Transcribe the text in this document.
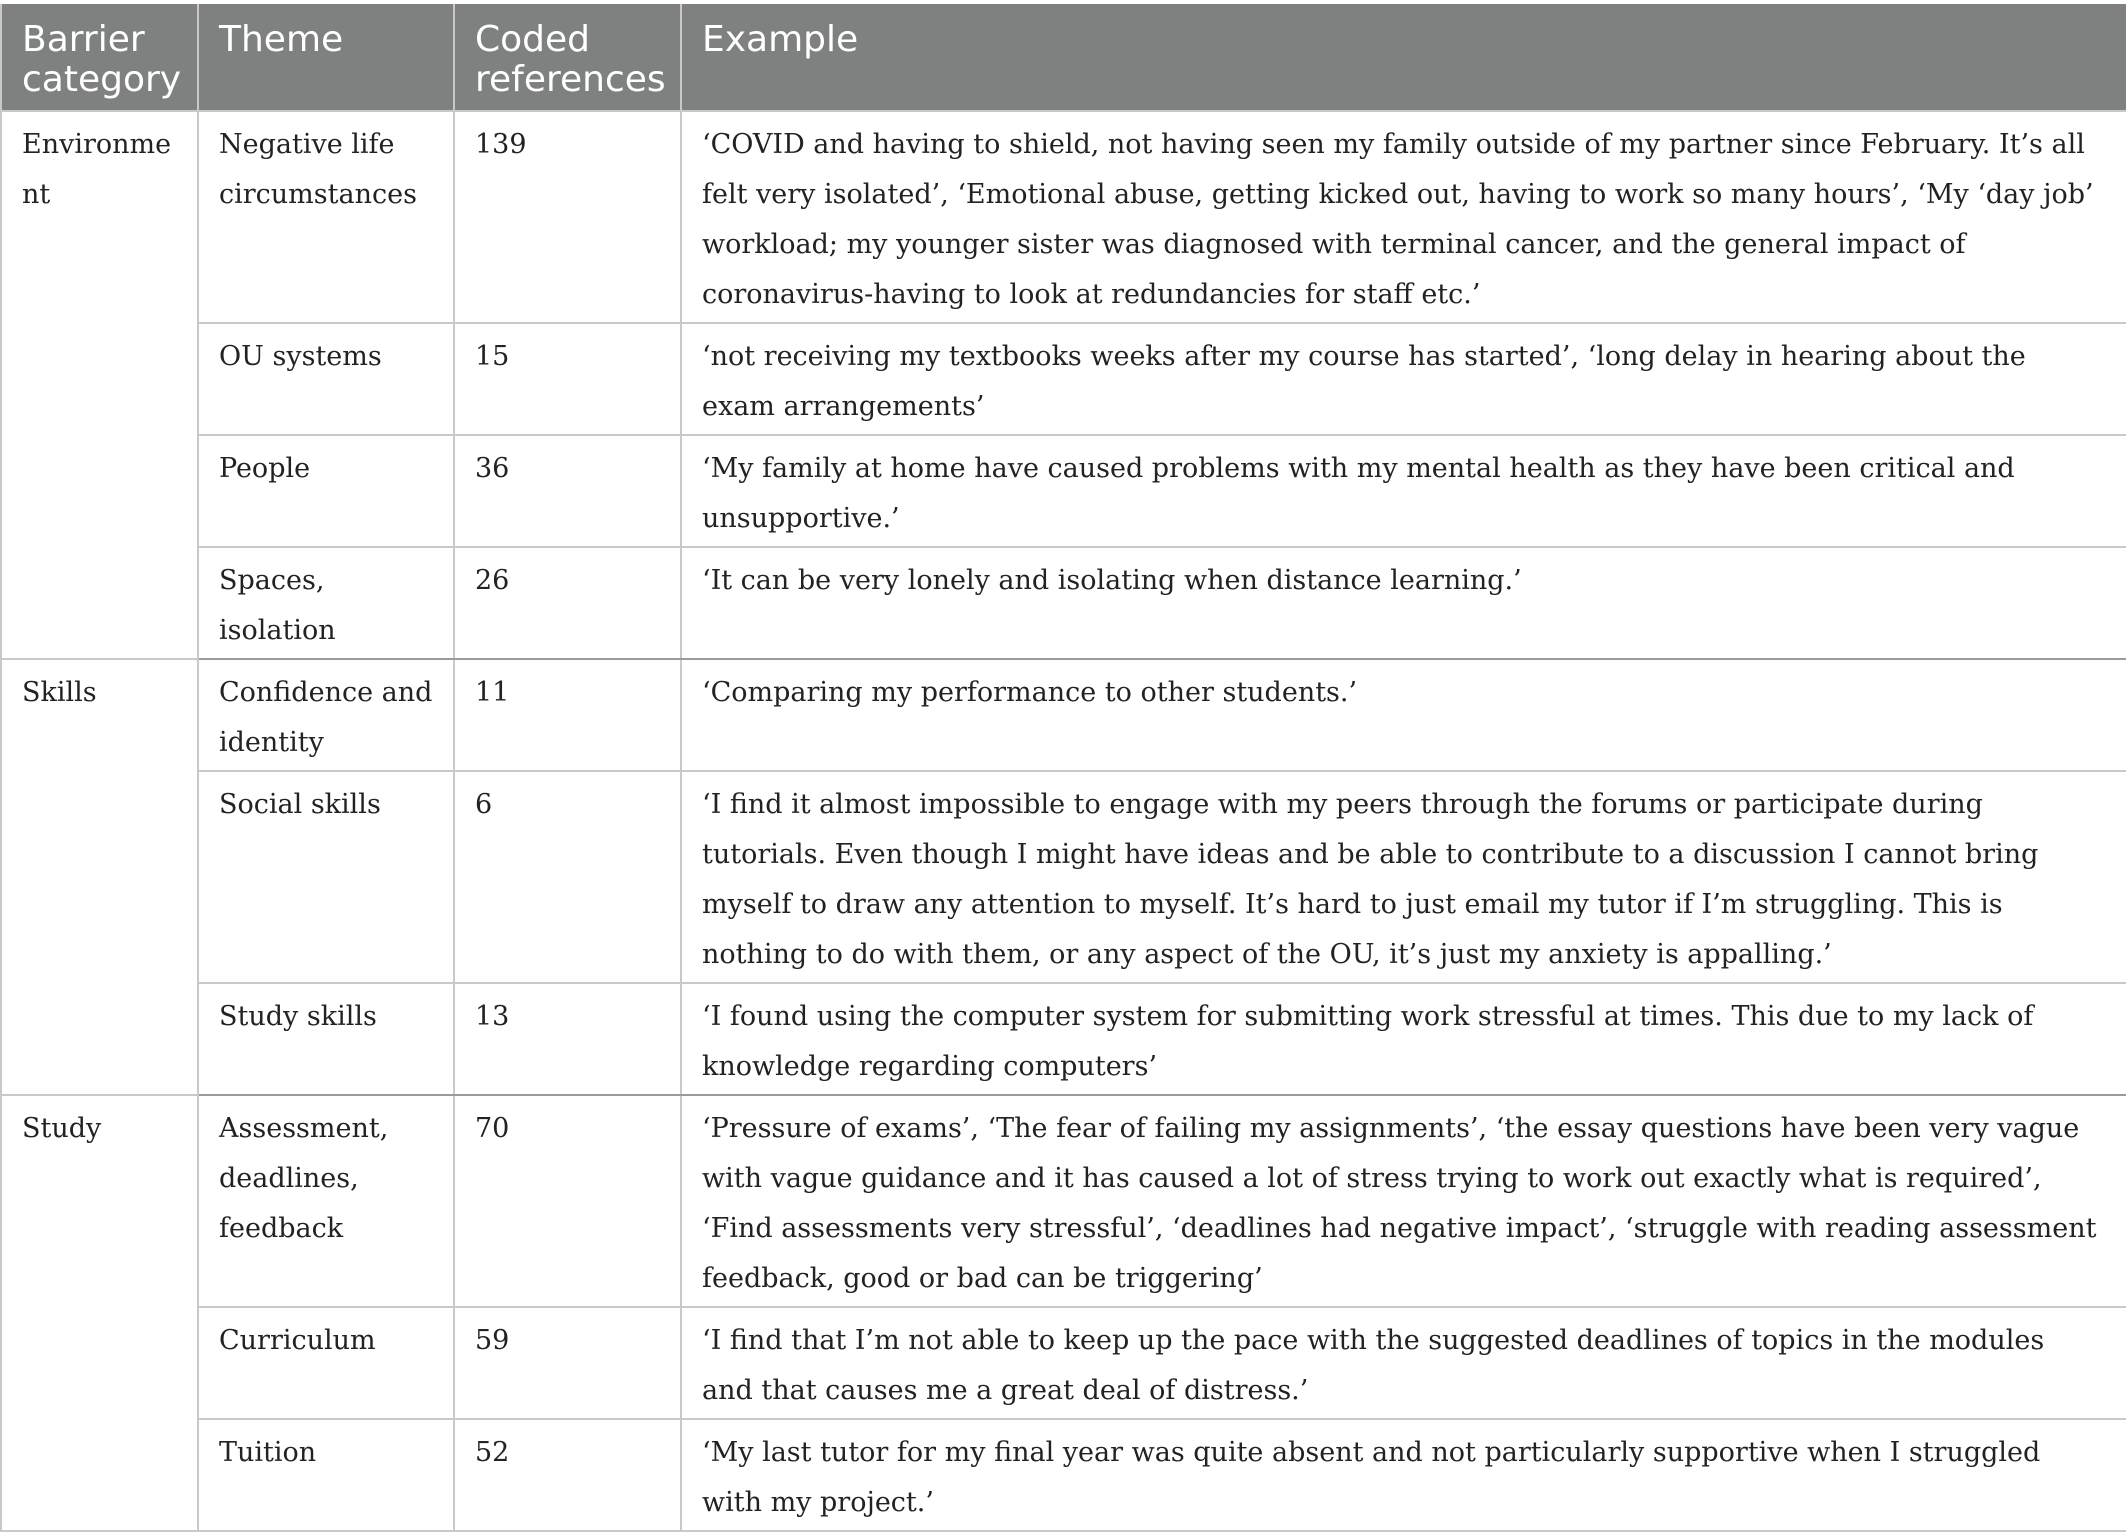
Barrier category	Theme	Coded references	Example
Environment	Negative life circumstances	139	‘COVID and having to shield, not having seen my family outside of my partner since February. It’s all felt very isolated’, ‘Emotional abuse, getting kicked out, having to work so many hours’, ‘My ‘day job’ workload; my younger sister was diagnosed with terminal cancer, and the general impact of coronavirus-having to look at redundancies for staff etc.’
	OU systems	15	‘not receiving my textbooks weeks after my course has started’, ‘long delay in hearing about the exam arrangements’
	People	36	‘My family at home have caused problems with my mental health as they have been critical and unsupportive.’
	Spaces, isolation	26	‘It can be very lonely and isolating when distance learning.’
Skills	Confidence and identity	11	‘Comparing my performance to other students.’
	Social skills	6	‘I find it almost impossible to engage with my peers through the forums or participate during tutorials. Even though I might have ideas and be able to contribute to a discussion I cannot bring myself to draw any attention to myself. It’s hard to just email my tutor if I’m struggling. This is nothing to do with them, or any aspect of the OU, it’s just my anxiety is appalling.’
	Study skills	13	‘I found using the computer system for submitting work stressful at times. This due to my lack of knowledge regarding computers’
Study	Assessment, deadlines, feedback	70	‘Pressure of exams’, ‘The fear of failing my assignments’, ‘the essay questions have been very vague with vague guidance and it has caused a lot of stress trying to work out exactly what is required’, ‘Find assessments very stressful’, ‘deadlines had negative impact’, ‘struggle with reading assessment feedback, good or bad can be triggering’
	Curriculum	59	‘I find that I’m not able to keep up the pace with the suggested deadlines of topics in the modules and that causes me a great deal of distress.’
	Tuition	52	‘My last tutor for my final year was quite absent and not particularly supportive when I struggled with my project.’
